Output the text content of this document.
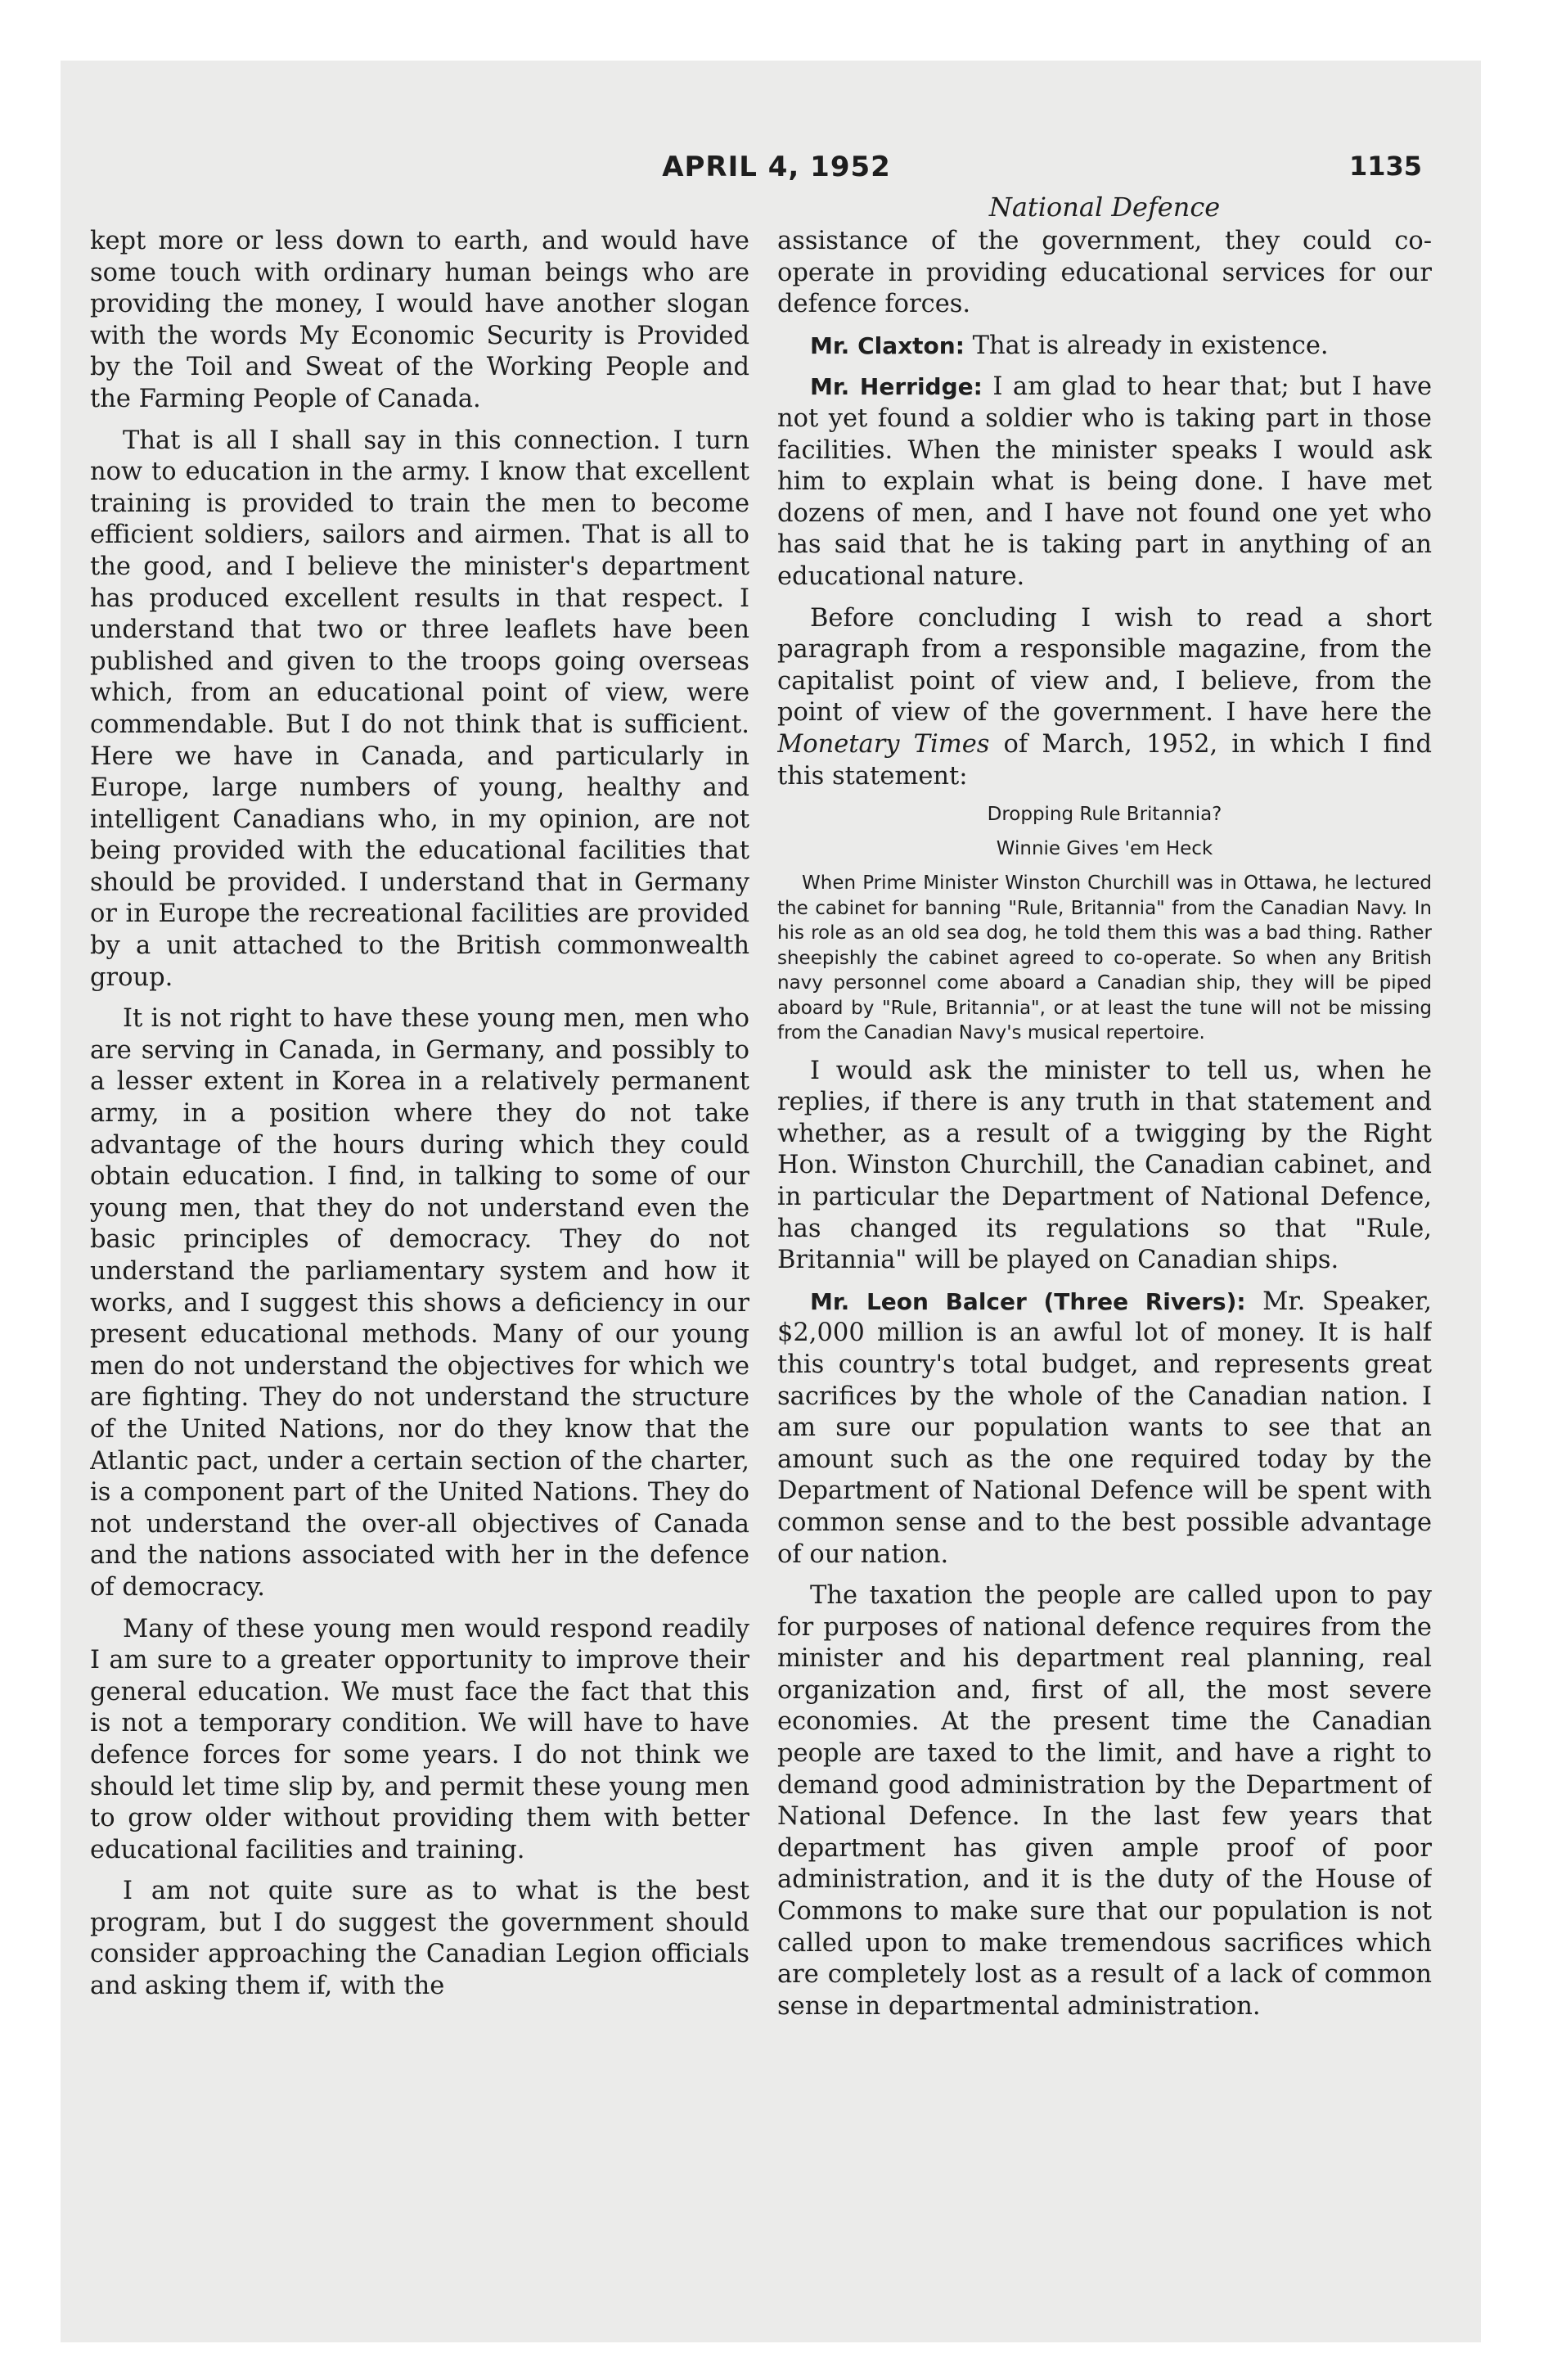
APRIL 4, 1952	1135

kept more or less down to earth, and would have some touch with ordinary human beings who are providing the money, I would have another slogan with the words My Economic Security is Provided by the Toil and Sweat of the Working People and the Farming People of Canada.

That is all I shall say in this connection. I turn now to education in the army. I know that excellent training is provided to train the men to become efficient soldiers, sailors and airmen. That is all to the good, and I believe the minister's department has produced excellent results in that respect. I understand that two or three leaflets have been published and given to the troops going overseas which, from an educational point of view, were commendable. But I do not think that is sufficient. Here we have in Canada, and particularly in Europe, large numbers of young, healthy and intelligent Canadians who, in my opinion, are not being provided with the educational facilities that should be provided. I understand that in Germany or in Europe the recreational facilities are provided by a unit attached to the British commonwealth group.

It is not right to have these young men, men who are serving in Canada, in Germany, and possibly to a lesser extent in Korea in a relatively permanent army, in a position where they do not take advantage of the hours during which they could obtain education. I find, in talking to some of our young men, that they do not understand even the basic principles of democracy. They do not understand the parliamentary system and how it works, and I suggest this shows a deficiency in our present educational methods. Many of our young men do not understand the objectives for which we are fighting. They do not understand the structure of the United Nations, nor do they know that the Atlantic pact, under a certain section of the charter, is a component part of the United Nations. They do not understand the over-all objectives of Canada and the nations associated with her in the defence of democracy.

Many of these young men would respond readily I am sure to a greater opportunity to improve their general education. We must face the fact that this is not a temporary condition. We will have to have defence forces for some years. I do not think we should let time slip by, and permit these young men to grow older without providing them with better educational facilities and training.

I am not quite sure as to what is the best program, but I do suggest the government should consider approaching the Canadian Legion officials and asking them if, with the

National Defence

assistance of the government, they could co-operate in providing educational services for our defence forces.

Mr. Claxton: That is already in existence.

Mr. Herridge: I am glad to hear that; but I have not yet found a soldier who is taking part in those facilities. When the minister speaks I would ask him to explain what is being done. I have met dozens of men, and I have not found one yet who has said that he is taking part in anything of an educational nature.

Before concluding I wish to read a short paragraph from a responsible magazine, from the capitalist point of view and, I believe, from the point of view of the government. I have here the Monetary Times of March, 1952, in which I find this statement:

Dropping Rule Britannia?

Winnie Gives 'em Heck

When Prime Minister Winston Churchill was in Ottawa, he lectured the cabinet for banning "Rule, Britannia" from the Canadian Navy. In his role as an old sea dog, he told them this was a bad thing. Rather sheepishly the cabinet agreed to co-operate. So when any British navy personnel come aboard a Canadian ship, they will be piped aboard by "Rule, Britannia", or at least the tune will not be missing from the Canadian Navy's musical repertoire.

I would ask the minister to tell us, when he replies, if there is any truth in that statement and whether, as a result of a twigging by the Right Hon. Winston Churchill, the Canadian cabinet, and in particular the Department of National Defence, has changed its regulations so that "Rule, Britannia" will be played on Canadian ships.

Mr. Leon Balcer (Three Rivers): Mr. Speaker, $2,000 million is an awful lot of money. It is half this country's total budget, and represents great sacrifices by the whole of the Canadian nation. I am sure our population wants to see that an amount such as the one required today by the Department of National Defence will be spent with common sense and to the best possible advantage of our nation.

The taxation the people are called upon to pay for purposes of national defence requires from the minister and his department real planning, real organization and, first of all, the most severe economies. At the present time the Canadian people are taxed to the limit, and have a right to demand good administration by the Department of National Defence. In the last few years that department has given ample proof of poor administration, and it is the duty of the House of Commons to make sure that our population is not called upon to make tremendous sacrifices which are completely lost as a result of a lack of common sense in departmental administration.
